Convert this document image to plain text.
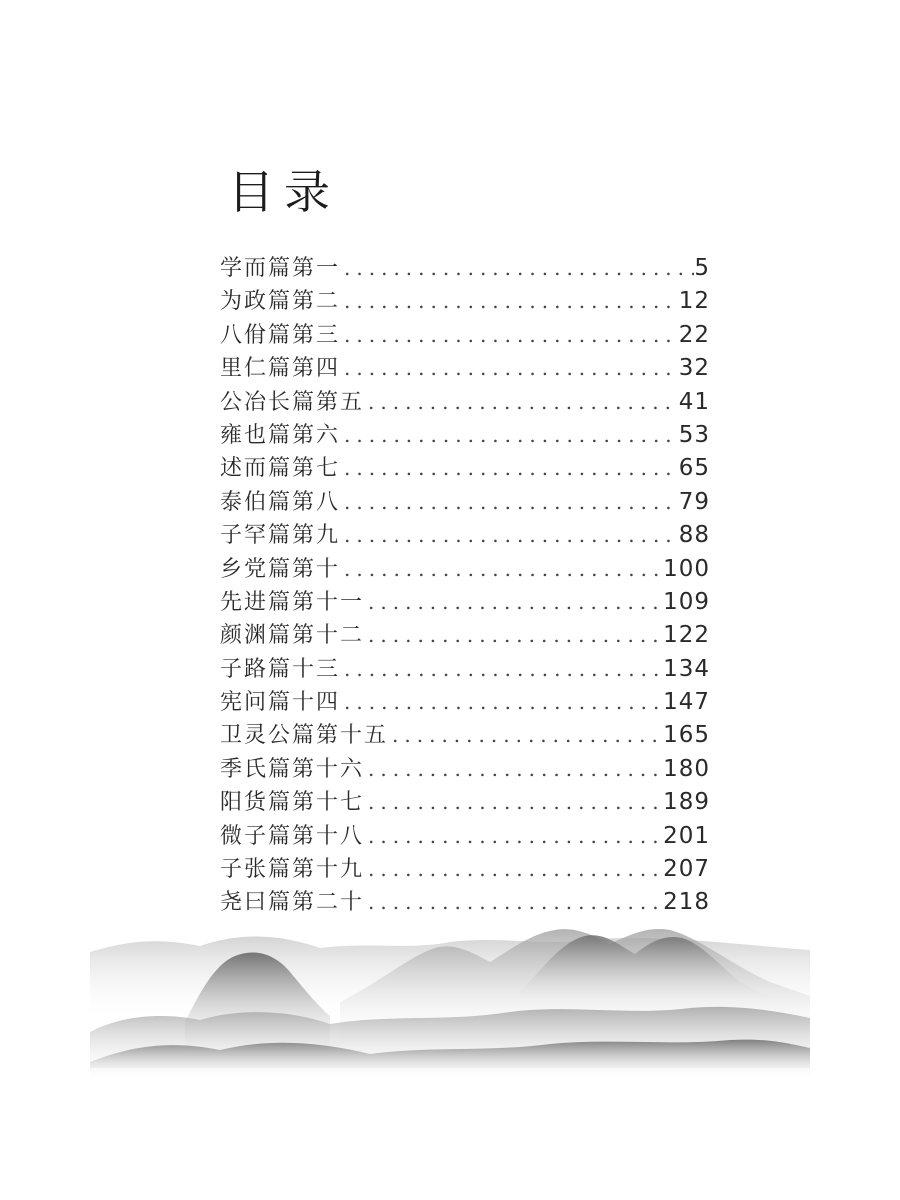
目录
学而篇第一 .....	5
为政篇第二 .....	12
八佾篇第三 .....	22
里仁篇第四 .....	32
公冶长篇第五 .....	41
雍也篇第六 .....	53
述而篇第七 .....	65
泰伯篇第八 .....	79
子罕篇第九 .....	88
乡党篇第十 .....	100
先进篇第十一 .....	109
颜渊篇第十二 .....	122
子路篇十三 .....	134
宪问篇十四 .....	147
卫灵公篇第十五 .....	165
季氏篇第十六 .....	180
阳货篇第十七 .....	189
微子篇第十八 .....	201
子张篇第十九 .....	207
尧曰篇第二十 .....	218
